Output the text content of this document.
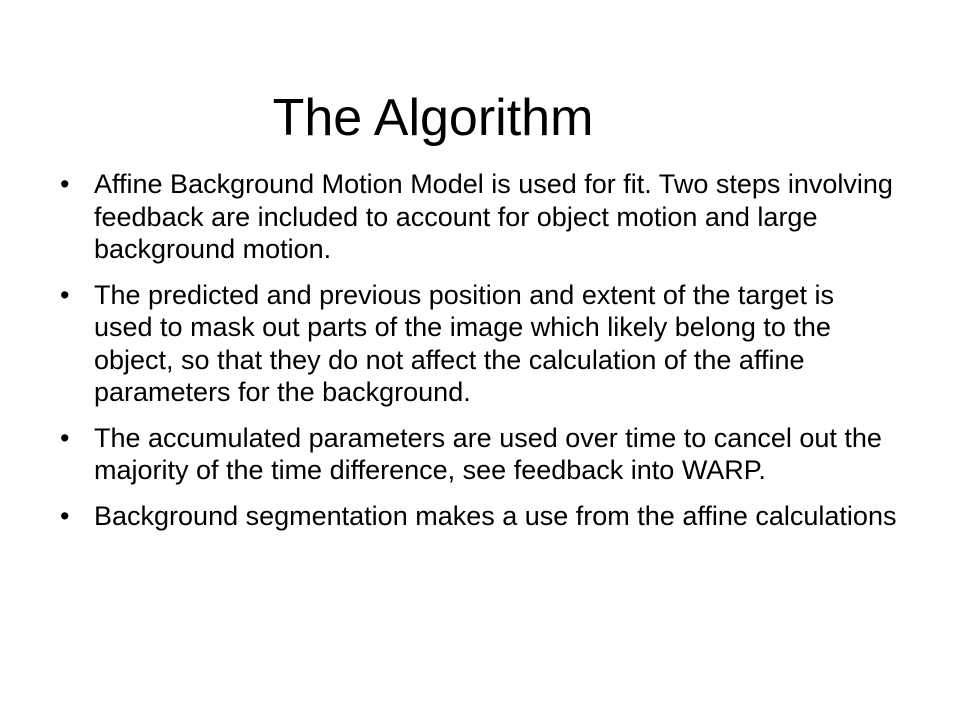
The Algorithm
• Affine Background Motion Model is used for fit. Two steps involving feedback are included to account for object motion and large background motion.
• The predicted and previous position and extent of the target is used to mask out parts of the image which likely belong to the object, so that they do not affect the calculation of the affine parameters for the background.
• The accumulated parameters are used over time to cancel out the majority of the time difference, see feedback into WARP.
• Background segmentation makes a use from the affine calculations
